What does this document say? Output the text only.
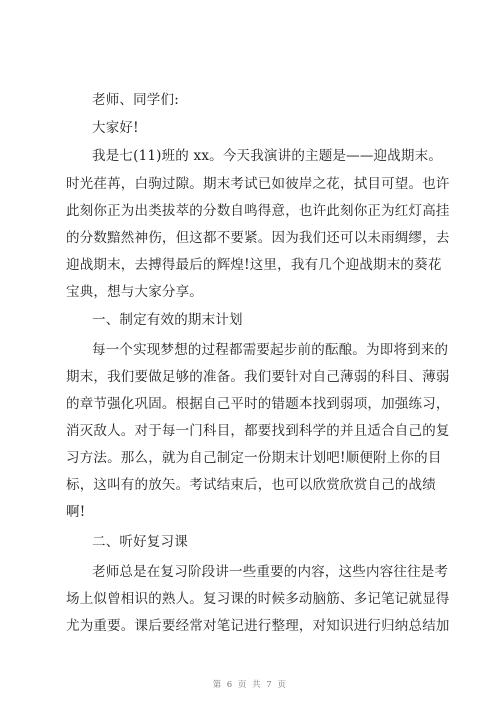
老师、同学们:
大家好!
我是七(11)班的 xx。今天我演讲的主题是——迎战期末。
时光荏苒，白驹过隙。期末考试已如彼岸之花，拭目可望。也许
此刻你正为出类拔萃的分数自鸣得意，也许此刻你正为红灯高挂
的分数黯然神伤，但这都不要紧。因为我们还可以未雨绸缪，去
迎战期末，去搏得最后的辉煌!这里，我有几个迎战期末的葵花
宝典，想与大家分享。
一、制定有效的期末计划
每一个实现梦想的过程都需要起步前的酝酿。为即将到来的
期末，我们要做足够的准备。我们要针对自己薄弱的科目、薄弱
的章节强化巩固。根据自己平时的错题本找到弱项，加强练习，
消灭敌人。对于每一门科目，都要找到科学的并且适合自己的复
习方法。那么，就为自己制定一份期末计划吧!顺便附上你的目
标，这叫有的放矢。考试结束后，也可以欣赏欣赏自己的战绩
啊!
二、听好复习课
老师总是在复习阶段讲一些重要的内容，这些内容往往是考
场上似曾相识的熟人。复习课的时候多动脑筋、多记笔记就显得
尤为重要。课后要经常对笔记进行整理，对知识进行归纳总结加
第 6 页 共 7 页
